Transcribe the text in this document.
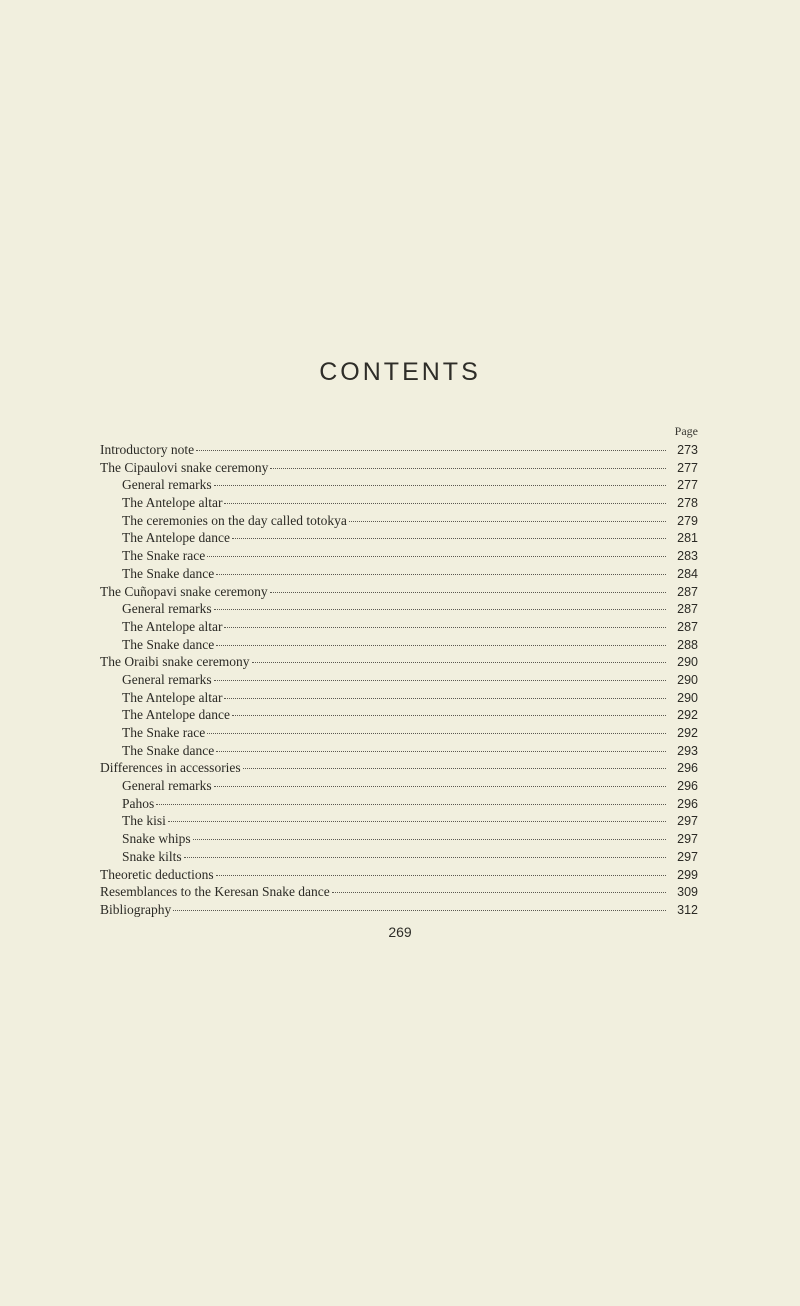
CONTENTS
Page
Introductory note	273
The Cipaulovi snake ceremony	277
General remarks	277
The Antelope altar	278
The ceremonies on the day called totokya	279
The Antelope dance	281
The Snake race	283
The Snake dance	284
The Cuñopavi snake ceremony	287
General remarks	287
The Antelope altar	287
The Snake dance	288
The Oraibi snake ceremony	290
General remarks	290
The Antelope altar	290
The Antelope dance	292
The Snake race	292
The Snake dance	293
Differences in accessories	296
General remarks	296
Pahos	296
The kisi	297
Snake whips	297
Snake kilts	297
Theoretic deductions	299
Resemblances to the Keresan Snake dance	309
Bibliography	312
269
